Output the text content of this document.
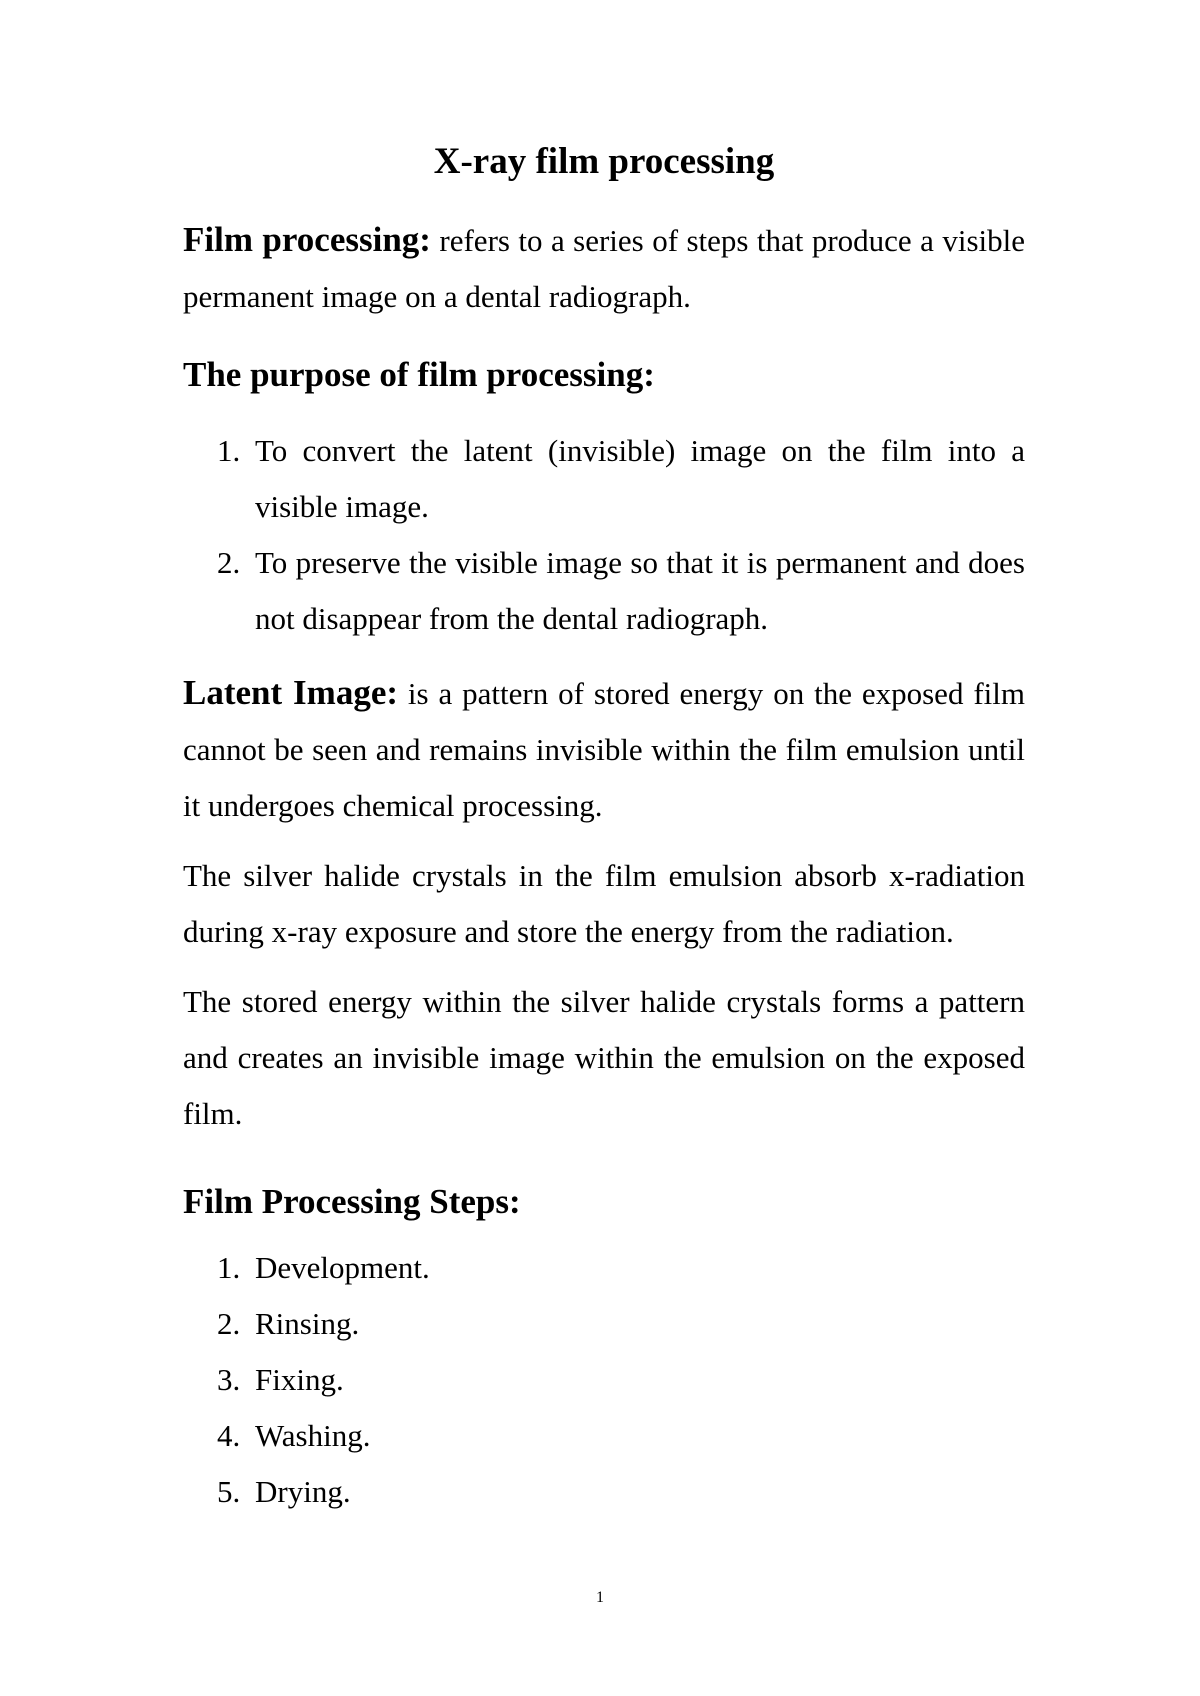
X-ray film processing

Film processing: refers to a series of steps that produce a visible permanent image on a dental radiograph.

The purpose of film processing:
1. To convert the latent (invisible) image on the film into a visible image.
2. To preserve the visible image so that it is permanent and does not disappear from the dental radiograph.

Latent Image: is a pattern of stored energy on the exposed film cannot be seen and remains invisible within the film emulsion until it undergoes chemical processing.

The silver halide crystals in the film emulsion absorb x-radiation during x-ray exposure and store the energy from the radiation.

The stored energy within the silver halide crystals forms a pattern and creates an invisible image within the emulsion on the exposed film.

Film Processing Steps:
1. Development.
2. Rinsing.
3. Fixing.
4. Washing.
5. Drying.
1
